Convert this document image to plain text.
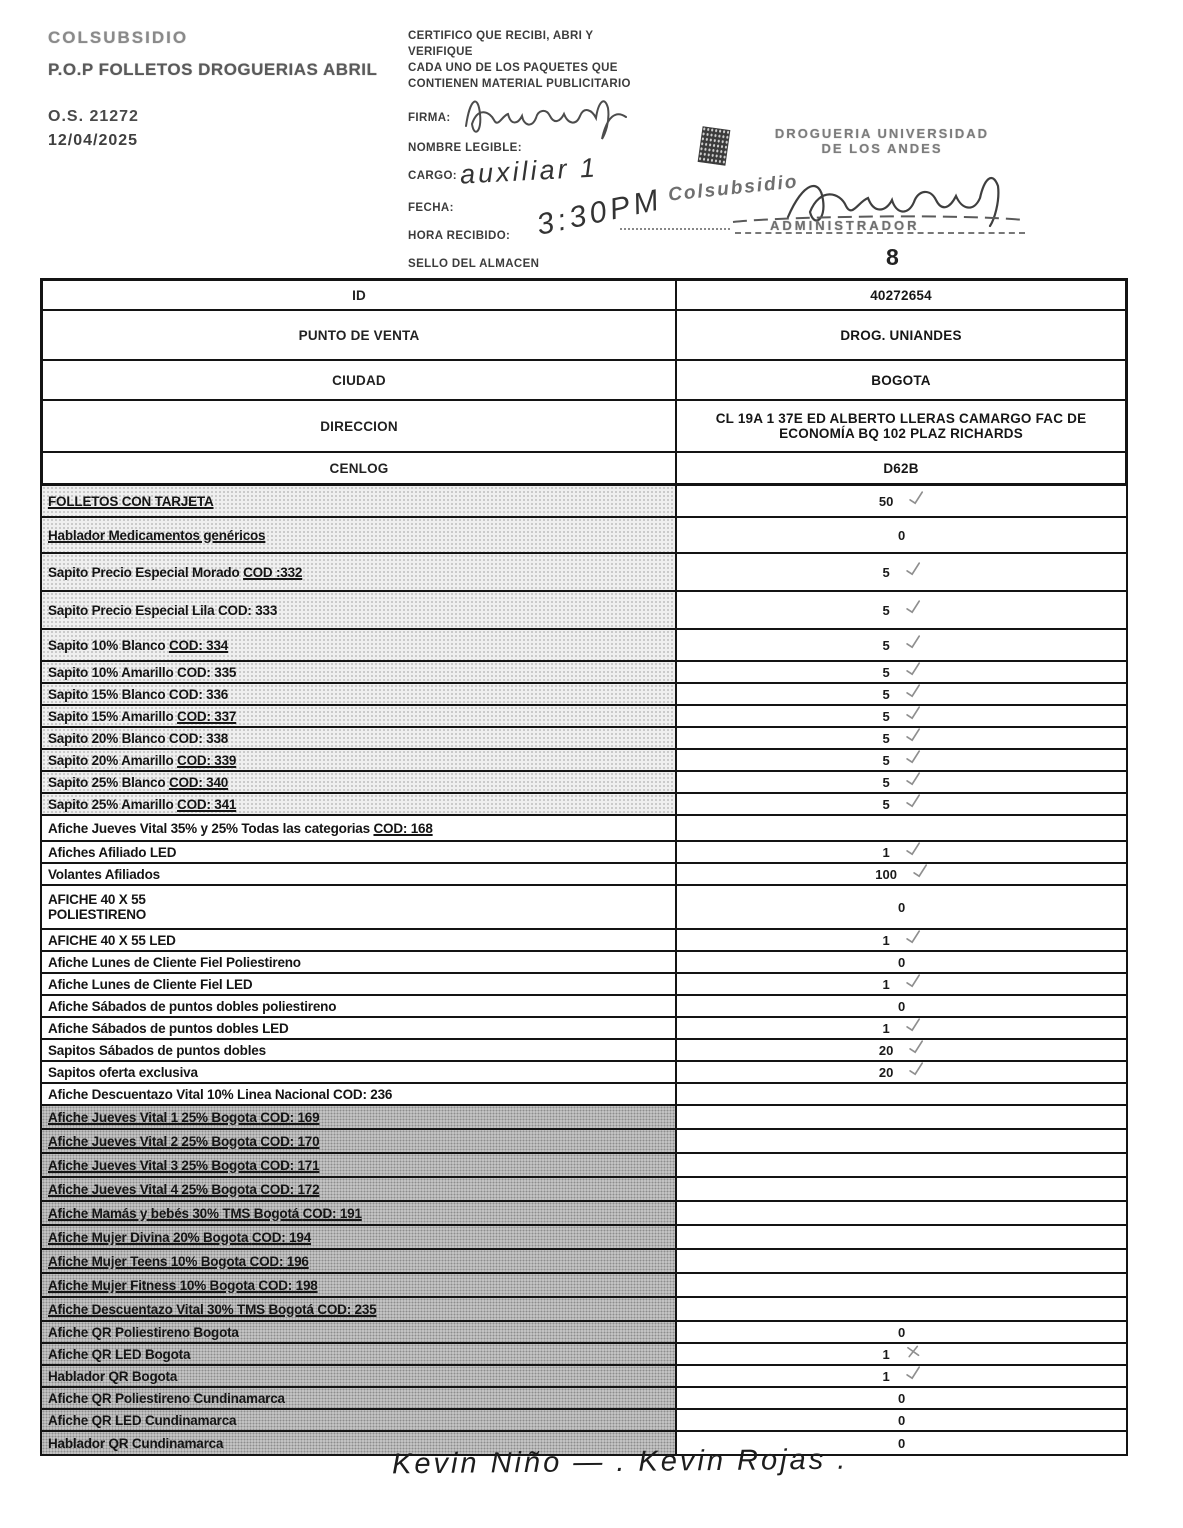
COLSUBSIDIO
P.O.P FOLLETOS DROGUERIAS ABRIL
O.S. 21272
12/04/2025
CERTIFICO QUE RECIBI, ABRI Y
VERIFIQUE
CADA UNO DE LOS PAQUETES QUE
CONTIENEN MATERIAL PUBLICITARIO
FIRMA:
NOMBRE LEGIBLE:
CARGO:
FECHA:
HORA RECIBIDO:
SELLO DEL ALMACEN
auxiliar 1
3:30PM Colsubsidio
DROGUERIA UNIVERSIDAD
DE LOS ANDES
ADMINISTRADOR
8
ID	40272654
PUNTO DE VENTA	DROG. UNIANDES
CIUDAD	BOGOTA
DIRECCION	CL 19A 1 37E ED ALBERTO LLERAS CAMARGO FAC DE ECONOMÍA BQ 102 PLAZ RICHARDS
CENLOG	D62B
FOLLETOS CON TARJETA	50
Hablador Medicamentos genéricos	0
Sapito Precio Especial Morado COD :332	5
Sapito Precio Especial Lila COD: 333	5
Sapito 10% Blanco COD: 334	5
Sapito 10% Amarillo COD: 335	5
Sapito 15% Blanco COD: 336	5
Sapito 15% Amarillo COD: 337	5
Sapito 20% Blanco COD: 338	5
Sapito 20% Amarillo COD: 339	5
Sapito 25% Blanco COD: 340	5
Sapito 25% Amarillo COD: 341	5
Afiche Jueves Vital 35% y 25% Todas las categorias COD: 168
Afiches Afiliado LED	1
Volantes Afiliados	100
AFICHE 40 X 55
POLIESTIRENO	0
AFICHE 40 X 55 LED	1
Afiche Lunes de Cliente Fiel Poliestireno	0
Afiche Lunes de Cliente Fiel LED	1
Afiche Sábados de puntos dobles poliestireno	0
Afiche Sábados de puntos dobles LED	1
Sapitos Sábados de puntos dobles	20
Sapitos oferta exclusiva	20
Afiche Descuentazo Vital 10% Linea Nacional COD: 236
Afiche Jueves Vital 1 25% Bogota COD: 169
Afiche Jueves Vital 2 25% Bogota COD: 170
Afiche Jueves Vital 3 25% Bogota COD: 171
Afiche Jueves Vital 4 25% Bogota COD: 172
Afiche Mamás y bebés 30% TMS Bogotá COD: 191
Afiche Mujer Divina 20% Bogota COD: 194
Afiche Mujer Teens 10% Bogota COD: 196
Afiche Mujer Fitness 10% Bogota COD: 198
Afiche Descuentazo Vital 30% TMS Bogotá COD: 235
Afiche QR Poliestireno Bogota	0
Afiche QR LED Bogota	1
Hablador QR Bogota	1
Afiche QR Poliestireno Cundinamarca	0
Afiche QR LED Cundinamarca	0
Hablador QR Cundinamarca	0
Kevin Niño — . Kevin Rojas .
